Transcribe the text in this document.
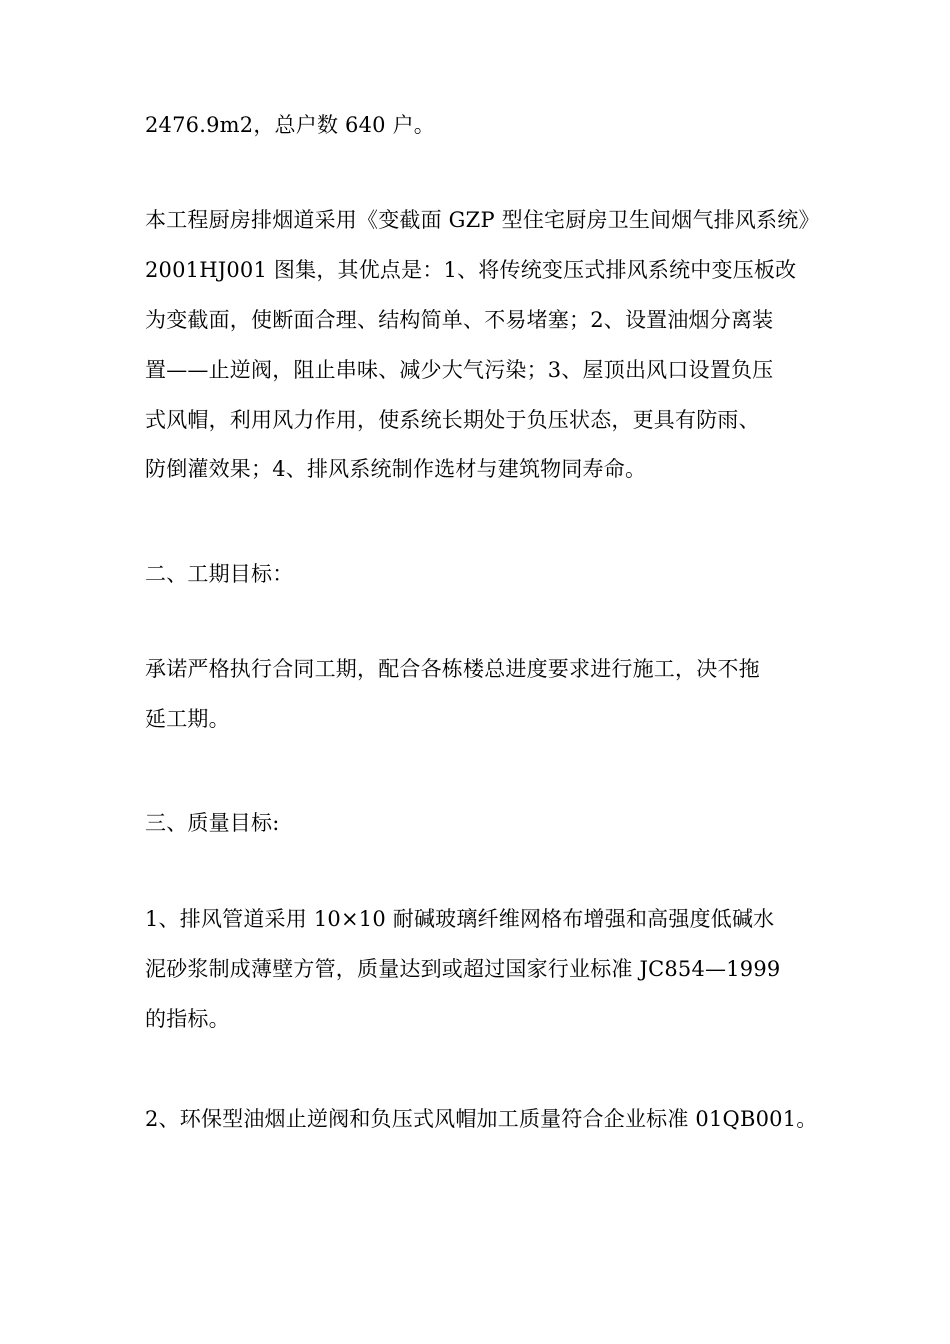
2476.9m2，总户数 640 户。
本工程厨房排烟道采用《变截面 GZP 型住宅厨房卫生间烟气排风系统》
2001HJ001 图集，其优点是：1、将传统变压式排风系统中变压板改
为变截面，使断面合理、结构简单、不易堵塞；2、设置油烟分离装
置——止逆阀，阻止串味、减少大气污染；3、屋顶出风口设置负压
式风帽，利用风力作用，使系统长期处于负压状态，更具有防雨、
防倒灌效果；4、排风系统制作选材与建筑物同寿命。
二、工期目标：
承诺严格执行合同工期，配合各栋楼总进度要求进行施工，决不拖
延工期。
三、质量目标:
1、排风管道采用 10×10 耐碱玻璃纤维网格布增强和高强度低碱水
泥砂浆制成薄壁方管，质量达到或超过国家行业标准 JC854—1999
的指标。
2、环保型油烟止逆阀和负压式风帽加工质量符合企业标准 01QB001。
